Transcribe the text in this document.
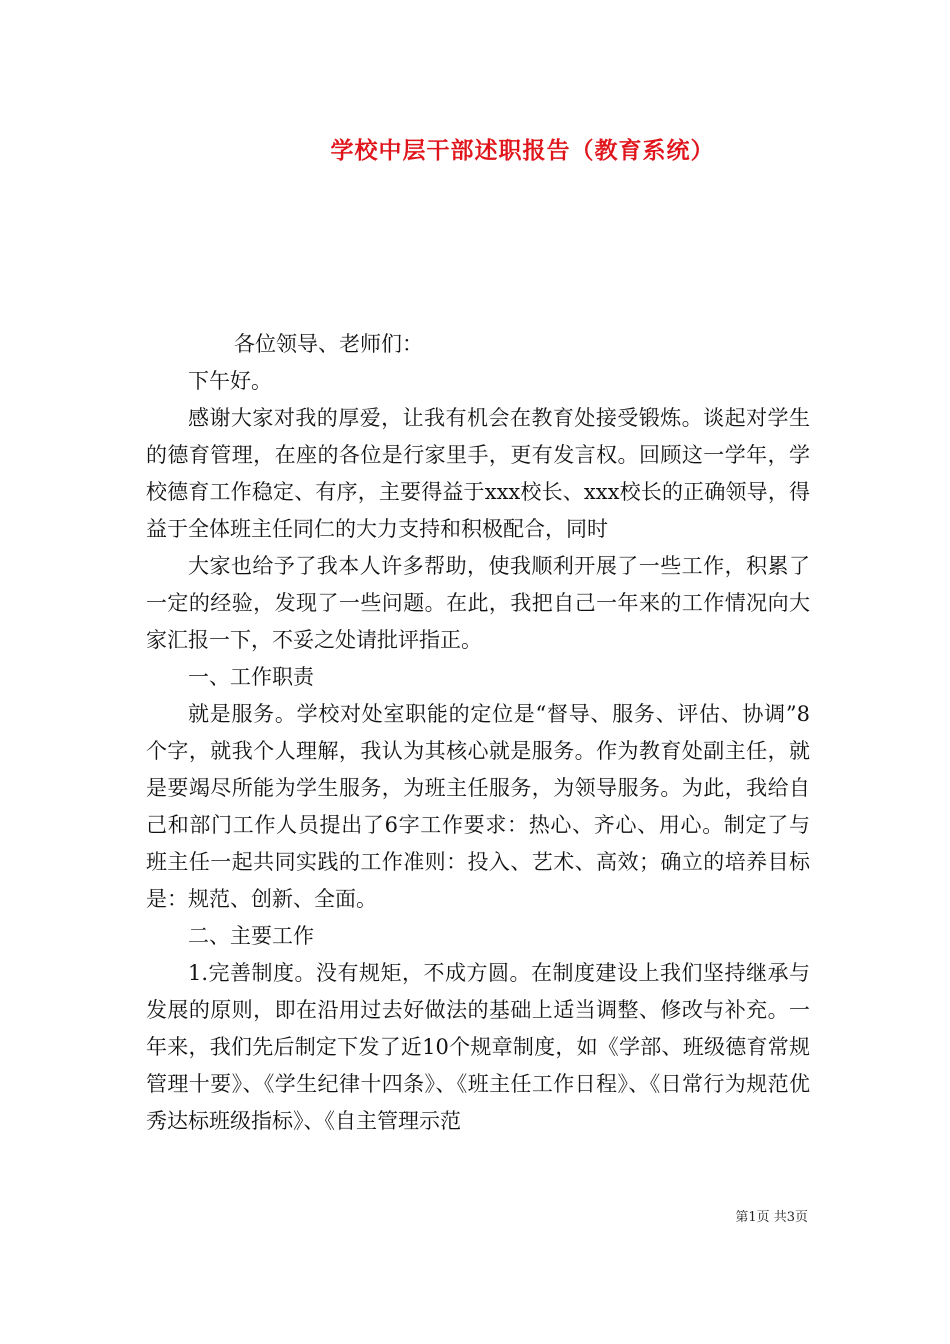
学校中层干部述职报告（教育系统）

各位领导、老师们：

下午好。

感谢大家对我的厚爱，让我有机会在教育处接受锻炼。谈起对学生的德育管理，在座的各位是行家里手，更有发言权。回顾这一学年，学校德育工作稳定、有序，主要得益于xxx校长、xxx校长的正确领导，得益于全体班主任同仁的大力支持和积极配合，同时

大家也给予了我本人许多帮助，使我顺利开展了一些工作，积累了一定的经验，发现了一些问题。在此，我把自己一年来的工作情况向大家汇报一下，不妥之处请批评指正。

一、工作职责

就是服务。学校对处室职能的定位是“督导、服务、评估、协调”8个字，就我个人理解，我认为其核心就是服务。作为教育处副主任，就是要竭尽所能为学生服务，为班主任服务，为领导服务。为此，我给自己和部门工作人员提出了6字工作要求：热心、齐心、用心。制定了与班主任一起共同实践的工作准则：投入、艺术、高效；确立的培养目标是：规范、创新、全面。

二、主要工作

1.完善制度。没有规矩，不成方圆。在制度建设上我们坚持继承与发展的原则，即在沿用过去好做法的基础上适当调整、修改与补充。一年来，我们先后制定下发了近10个规章制度，如《学部、班级德育常规管理十要》、《学生纪律十四条》、《班主任工作日程》、《日常行为规范优秀达标班级指标》、《自主管理示范

第1页 共3页
